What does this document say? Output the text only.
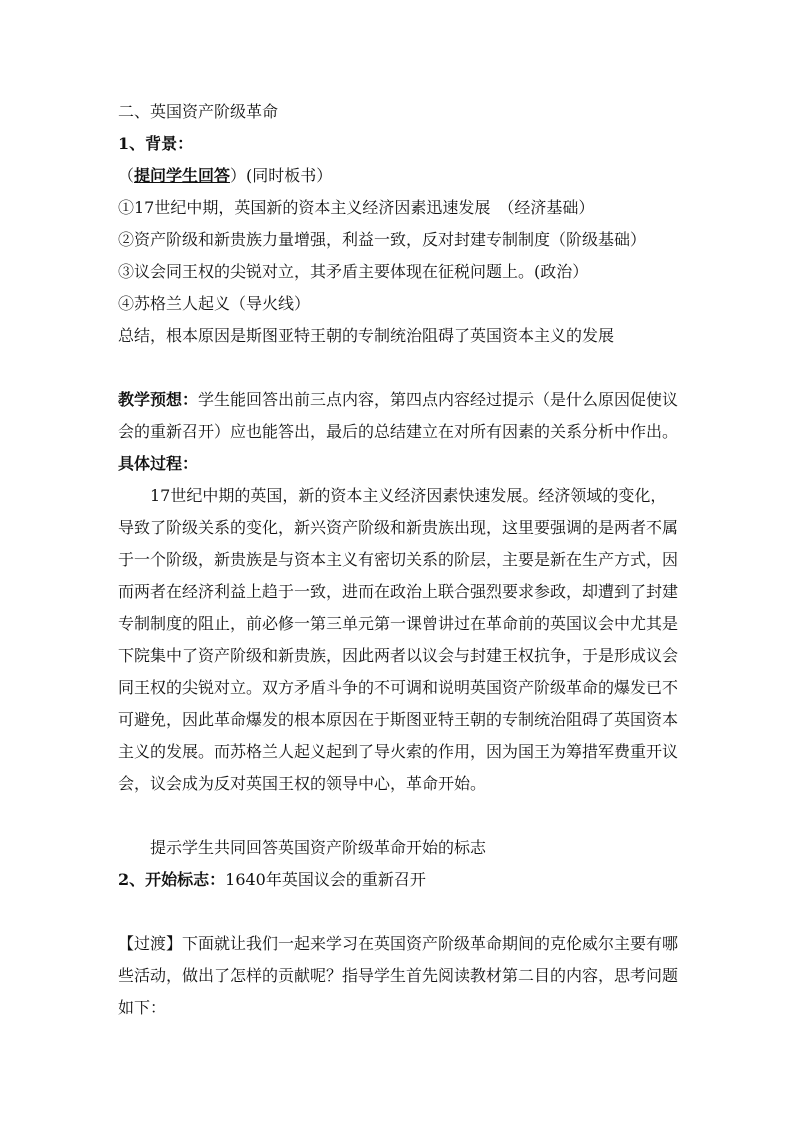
二、英国资产阶级革命

1、背景：

（提问学生回答）(同时板书）

①17世纪中期，英国新的资本主义经济因素迅速发展　（经济基础）

②资产阶级和新贵族力量增强，利益一致，反对封建专制制度（阶级基础）

③议会同王权的尖锐对立，其矛盾主要体现在征税问题上。(政治）

④苏格兰人起义（导火线）

总结，根本原因是斯图亚特王朝的专制统治阻碍了英国资本主义的发展

教学预想：学生能回答出前三点内容，第四点内容经过提示（是什么原因促使议

会的重新召开）应也能答出，最后的总结建立在对所有因素的关系分析中作出。

具体过程：

　　17世纪中期的英国，新的资本主义经济因素快速发展。经济领域的变化，

导致了阶级关系的变化，新兴资产阶级和新贵族出现，这里要强调的是两者不属

于一个阶级，新贵族是与资本主义有密切关系的阶层，主要是新在生产方式，因

而两者在经济利益上趋于一致，进而在政治上联合强烈要求参政，却遭到了封建

专制制度的阻止，前必修一第三单元第一课曾讲过在革命前的英国议会中尤其是

下院集中了资产阶级和新贵族，因此两者以议会与封建王权抗争，于是形成议会

同王权的尖锐对立。双方矛盾斗争的不可调和说明英国资产阶级革命的爆发已不

可避免，因此革命爆发的根本原因在于斯图亚特王朝的专制统治阻碍了英国资本

主义的发展。而苏格兰人起义起到了导火索的作用，因为国王为筹措军费重开议

会，议会成为反对英国王权的领导中心，革命开始。

　　提示学生共同回答英国资产阶级革命开始的标志

2、开始标志：1640年英国议会的重新召开

【过渡】下面就让我们一起来学习在英国资产阶级革命期间的克伦威尔主要有哪

些活动，做出了怎样的贡献呢？指导学生首先阅读教材第二目的内容，思考问题

如下：
